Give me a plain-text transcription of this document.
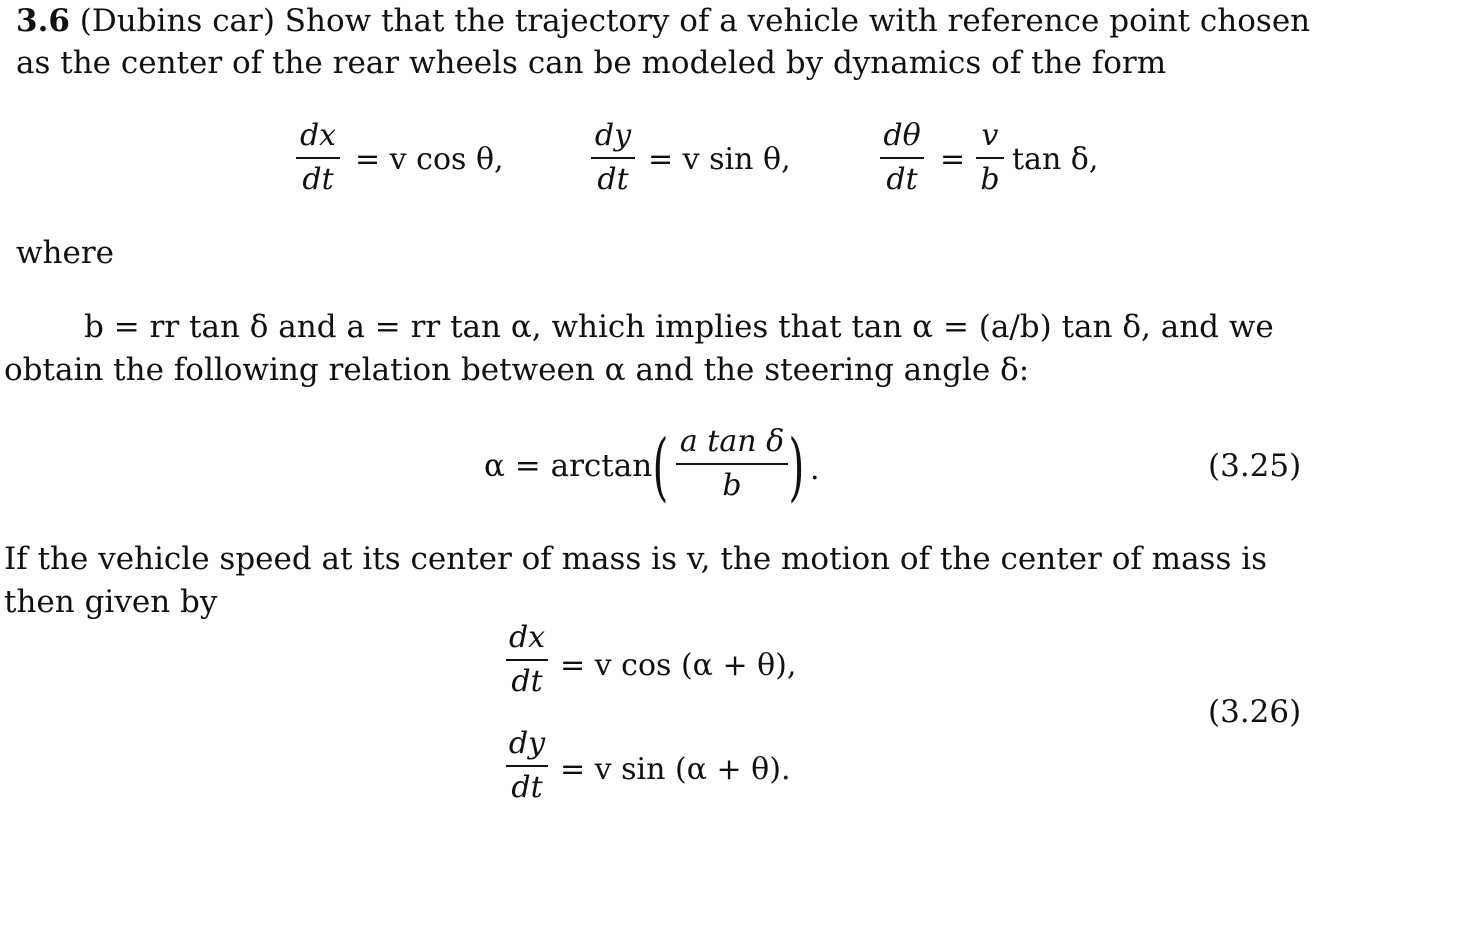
3.6 (Dubins car) Show that the trajectory of a vehicle with reference point chosen
as the center of the rear wheels can be modeled by dynamics of the form
dx
dt
= v cos θ,
dy
dt
= v sin θ,
dθ
dt
=
v
b
tan δ,
where
b = rr tan δ and a = rr tan α, which implies that tan α = (a/b) tan δ, and we
obtain the following relation between α and the steering angle δ:
α = arctan ( a tan δ
b ) .	(3.25)
If the vehicle speed at its center of mass is v, the motion of the center of mass is
then given by
dx
dt = v cos (α + θ),
dy
dt
= v sin (α + θ).
(3.26)
